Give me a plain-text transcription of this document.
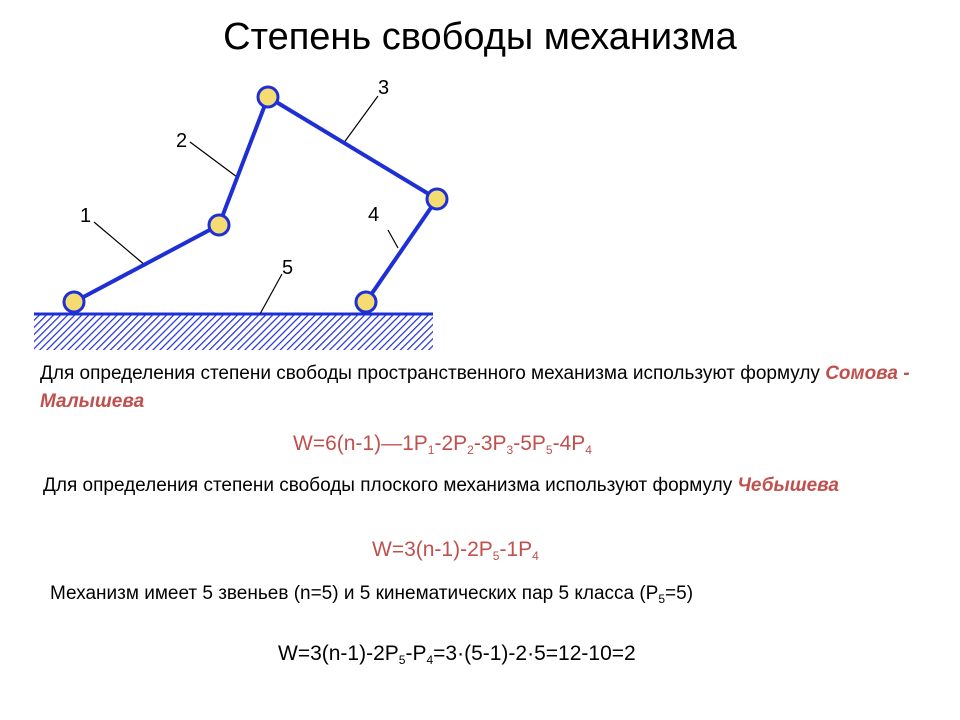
Степень свободы механизма
1
2
3
4
5
Для определения степени свободы пространственного механизма используют формулу Сомова - Малышева
$W=6(n-1)—1P_1-2P_2-3P_3-5P_5-4P_4$
Для определения степени свободы плоского механизма используют формулу Чебышева
$W=3(n-1)-2P_5-1P_4$
Механизм имеет 5 звеньев (n=5) и 5 кинематических пар 5 класса $(P_5=5)$
$W=3(n-1)-2P_5-P_4=3\cdot(5-1)-2\cdot 5=12-10=2$
